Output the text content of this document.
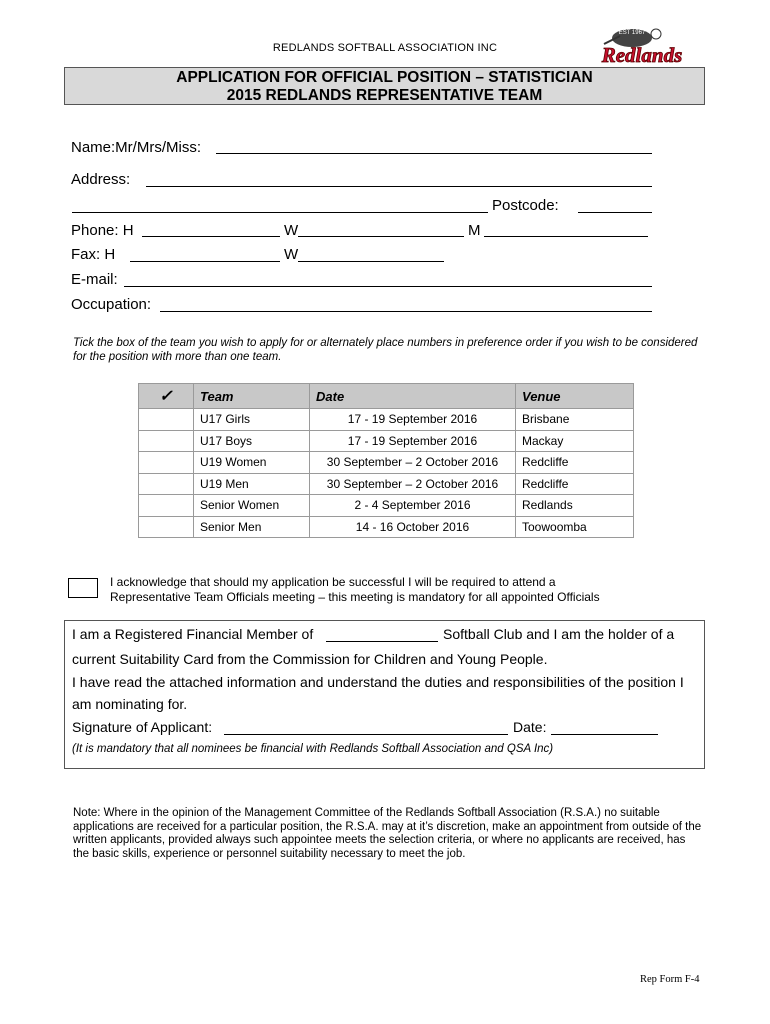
REDLANDS SOFTBALL ASSOCIATION INC
EST 1967
Redlands
APPLICATION FOR OFFICIAL POSITION – STATISTICIAN
2015 REDLANDS REPRESENTATIVE TEAM
Name:Mr/Mrs/Miss:
Address:
Postcode:
Phone: H	W	M
Fax: H	W
E-mail:
Occupation:
Tick the box of the team you wish to apply for or alternately place numbers in preference order if you wish to be considered for the position with more than one team.
✓	Team	Date	Venue
	U17 Girls	17 - 19 September 2016	Brisbane
	U17 Boys	17 - 19 September 2016	Mackay
	U19 Women	30 September – 2 October 2016	Redcliffe
	U19 Men	30 September – 2 October 2016	Redcliffe
	Senior Women	2 - 4 September 2016	Redlands
	Senior Men	14 - 16 October 2016	Toowoomba
I acknowledge that should my application be successful I will be required to attend a
Representative Team Officials meeting – this meeting is mandatory for all appointed Officials
I am a Registered Financial Member of	Softball Club and I am the holder of a
current Suitability Card from the Commission for Children and Young People.
I have read the attached information and understand the duties and responsibilities of the position I
am nominating for.
Signature of Applicant:	Date:
(It is mandatory that all nominees be financial with Redlands Softball Association and QSA Inc)
Note: Where in the opinion of the Management Committee of the Redlands Softball Association (R.S.A.) no suitable applications are received for a particular position, the R.S.A. may at it’s discretion, make an appointment from outside of the written applicants, provided always such appointee meets the selection criteria, or where no applicants are received, has the basic skills, experience or personnel suitability necessary to meet the job.
Rep Form F-4
